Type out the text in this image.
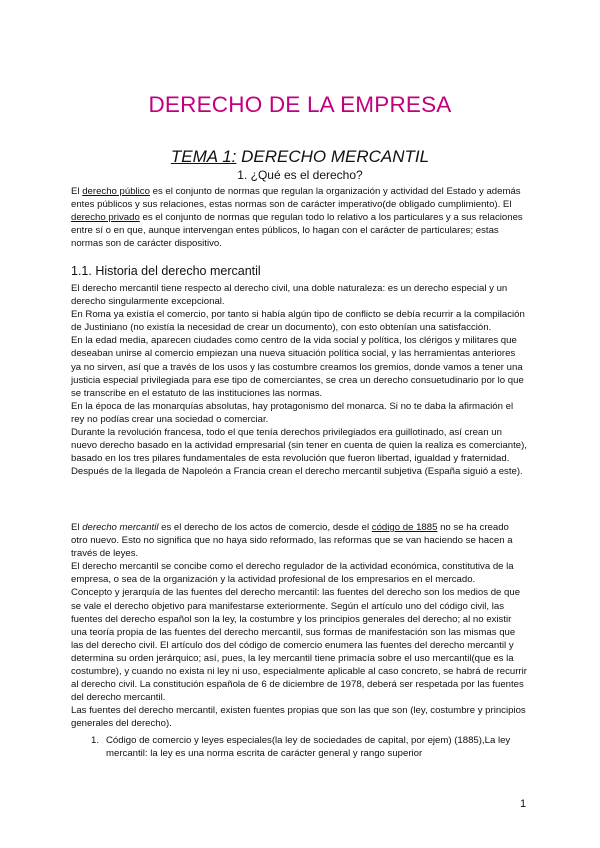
DERECHO DE LA EMPRESA
TEMA 1: DERECHO MERCANTIL
1. ¿Qué es el derecho?

El derecho público es el conjunto de normas que regulan la organización y actividad del Estado y además entes públicos y sus relaciones, estas normas son de carácter imperativo(de obligado cumplimiento). El derecho privado es el conjunto de normas que regulan todo lo relativo a los particulares y a sus relaciones entre sí o en que, aunque intervengan entes públicos, lo hagan con el carácter de particulares; estas normas son de carácter dispositivo.

1.1. Historia del derecho mercantil

El derecho mercantil tiene respecto al derecho civil, una doble naturaleza: es un derecho especial y un derecho singularmente excepcional.

En Roma ya existía el comercio, por tanto si había algún tipo de conflicto se debía recurrir a la compilación de Justiniano (no existía la necesidad de crear un documento), con esto obtenían una satisfacción.

En la edad media, aparecen ciudades como centro de la vida social y política, los clérigos y militares que deseaban unirse al comercio empiezan una nueva situación política social, y las herramientas anteriores ya no sirven, así que a través de los usos y las costumbre creamos los gremios, donde vamos a tener una justicia especial privilegiada para ese tipo de comerciantes, se crea un derecho consuetudinario por lo que se transcribe en el estatuto de las instituciones las normas.

En la época de las monarquías absolutas, hay protagonismo del monarca. Si no te daba la afirmación el rey no podías crear una sociedad o comerciar.

Durante la revolución francesa, todo el que tenía derechos privilegiados era guillotinado, así crean un nuevo derecho basado en la actividad empresarial (sin tener en cuenta de quien la realiza es comerciante), basado en los tres pilares fundamentales de esta revolución que fueron libertad, igualdad y fraternidad. Después de la llegada de Napoleón a Francia crean el derecho mercantil subjetiva (España siguió a este).

El derecho mercantil es el derecho de los actos de comercio, desde el código de 1885 no se ha creado otro nuevo. Esto no significa que no haya sido reformado, las reformas que se van haciendo se hacen a través de leyes.

El derecho mercantil se concibe como el derecho regulador de la actividad económica, constitutiva de la empresa, o sea de la organización y la actividad profesional de los empresarios en el mercado.

Concepto y jerarquía de las fuentes del derecho mercantil: las fuentes del derecho son los medios de que se vale el derecho objetivo para manifestarse exteriormente. Según el artículo uno del código civil, las fuentes del derecho español son la ley, la costumbre y los principios generales del derecho; al no existir una teoría propia de las fuentes del derecho mercantil, sus formas de manifestación son las mismas que las del derecho civil. El artículo dos del código de comercio enumera las fuentes del derecho mercantil y determina su orden jerárquico; así, pues, la ley mercantil tiene primacía sobre el uso mercantil(que es la costumbre), y cuando no exista ni ley ni uso, especialmente aplicable al caso concreto, se habrá de recurrir al derecho civil. La constitución española de 6 de diciembre de 1978, deberá ser respetada por las fuentes del derecho mercantil.

Las fuentes del derecho mercantil, existen fuentes propias que son las que son (ley, costumbre y principios generales del derecho).

1. Código de comercio y leyes especiales(la ley de sociedades de capital, por ejem) (1885),La ley mercantil: la ley es una norma escrita de carácter general y rango superior
1
